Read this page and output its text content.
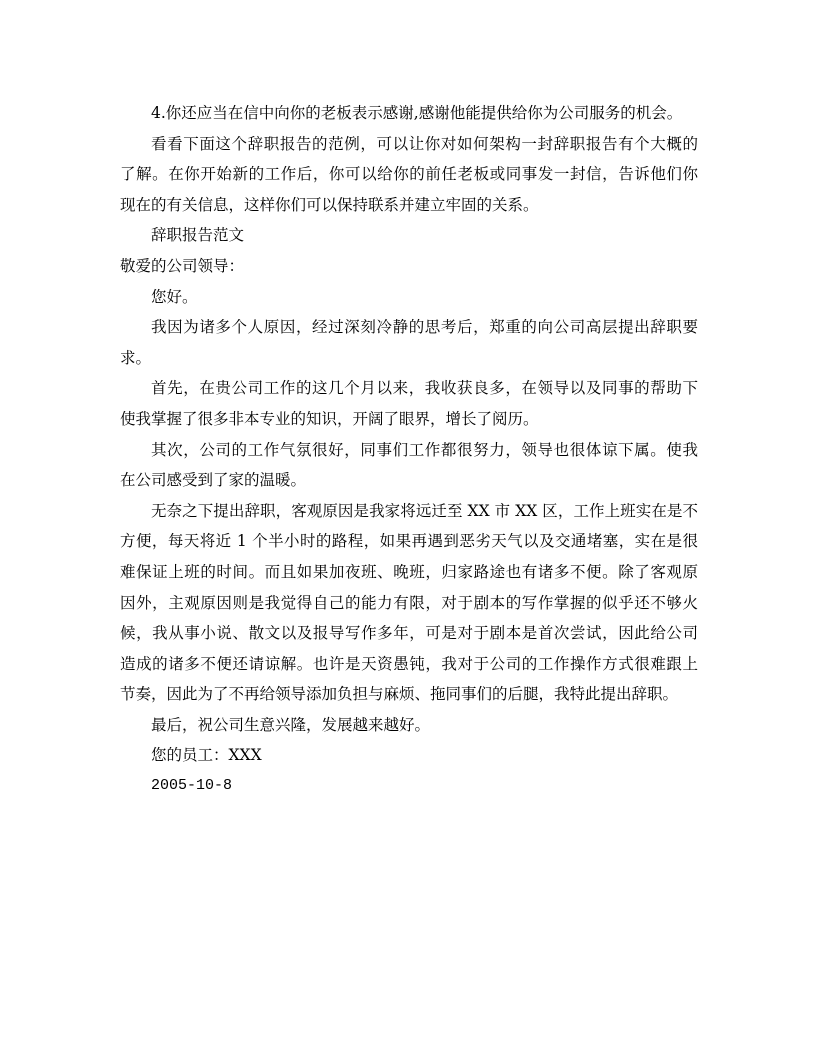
4.你还应当在信中向你的老板表示感谢,感谢他能提供给你为公司服务的机会。
看看下面这个辞职报告的范例，可以让你对如何架构一封辞职报告有个大概的
了解。在你开始新的工作后，你可以给你的前任老板或同事发一封信，告诉他们你
现在的有关信息，这样你们可以保持联系并建立牢固的关系。
辞职报告范文
敬爱的公司领导：
您好。
我因为诸多个人原因，经过深刻冷静的思考后，郑重的向公司高层提出辞职要
求。
首先，在贵公司工作的这几个月以来，我收获良多，在领导以及同事的帮助下
使我掌握了很多非本专业的知识，开阔了眼界，增长了阅历。
其次，公司的工作气氛很好，同事们工作都很努力，领导也很体谅下属。使我
在公司感受到了家的温暖。
无奈之下提出辞职，客观原因是我家将远迁至 XX 市 XX 区，工作上班实在是不
方便，每天将近 1 个半小时的路程，如果再遇到恶劣天气以及交通堵塞，实在是很
难保证上班的时间。而且如果加夜班、晚班，归家路途也有诸多不便。除了客观原
因外，主观原因则是我觉得自己的能力有限，对于剧本的写作掌握的似乎还不够火
候，我从事小说、散文以及报导写作多年，可是对于剧本是首次尝试，因此给公司
造成的诸多不便还请谅解。也许是天资愚钝，我对于公司的工作操作方式很难跟上
节奏，因此为了不再给领导添加负担与麻烦、拖同事们的后腿，我特此提出辞职。
最后，祝公司生意兴隆，发展越来越好。
您的员工：XXX
2005-10-8
